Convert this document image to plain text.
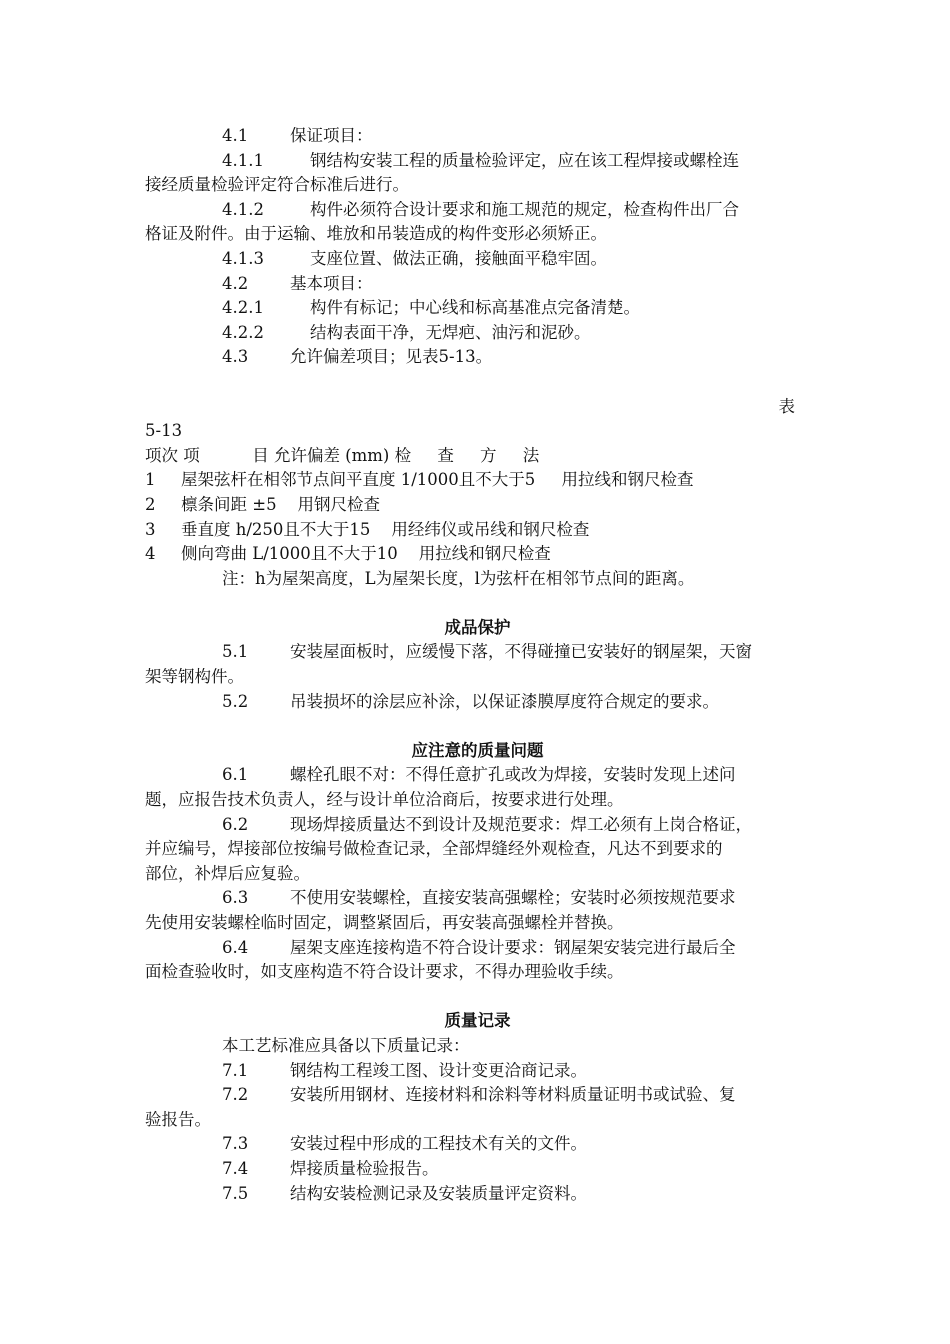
4.1	保证项目：
4.1.1	钢结构安装工程的质量检验评定，应在该工程焊接或螺栓连
接经质量检验评定符合标准后进行。
4.1.2	构件必须符合设计要求和施工规范的规定，检查构件出厂合
格证及附件。由于运输、堆放和吊装造成的构件变形必须矫正。
4.1.3	支座位置、做法正确，接触面平稳牢固。
4.2	基本项目：
4.2.1	构件有标记；中心线和标高基准点完备清楚。
4.2.2	结构表面干净，无焊疤、油污和泥砂。
4.3	允许偏差项目；见表5-13。
表
5-13
项次 项          目 允许偏差 (mm) 检     查     方     法
1 屋架弦杆在相邻节点间平直度 1/1000且不大于5     用拉线和钢尺检查
2 檩条间距 ±5    用钢尺检查
3 垂直度 h/250且不大于15    用经纬仪或吊线和钢尺检查
4 侧向弯曲 L/1000且不大于10    用拉线和钢尺检查
注：h为屋架高度，L为屋架长度，l为弦杆在相邻节点间的距离。
成品保护
5.1	安装屋面板时，应缓慢下落，不得碰撞已安装好的钢屋架，天窗
架等钢构件。
5.2	吊装损坏的涂层应补涂，以保证漆膜厚度符合规定的要求。
应注意的质量问题
6.1	螺栓孔眼不对：不得任意扩孔或改为焊接，安装时发现上述问
题，应报告技术负责人，经与设计单位洽商后，按要求进行处理。
6.2	现场焊接质量达不到设计及规范要求：焊工必须有上岗合格证，
并应编号，焊接部位按编号做检查记录，全部焊缝经外观检查，凡达不到要求的
部位，补焊后应复验。
6.3	不使用安装螺栓，直接安装高强螺栓；安装时必须按规范要求
先使用安装螺栓临时固定，调整紧固后，再安装高强螺栓并替换。
6.4	屋架支座连接构造不符合设计要求：钢屋架安装完进行最后全
面检查验收时，如支座构造不符合设计要求，不得办理验收手续。
质量记录
本工艺标准应具备以下质量记录：
7.1	钢结构工程竣工图、设计变更洽商记录。
7.2	安装所用钢材、连接材料和涂料等材料质量证明书或试验、复
验报告。
7.3	安装过程中形成的工程技术有关的文件。
7.4	焊接质量检验报告。
7.5	结构安装检测记录及安装质量评定资料。
